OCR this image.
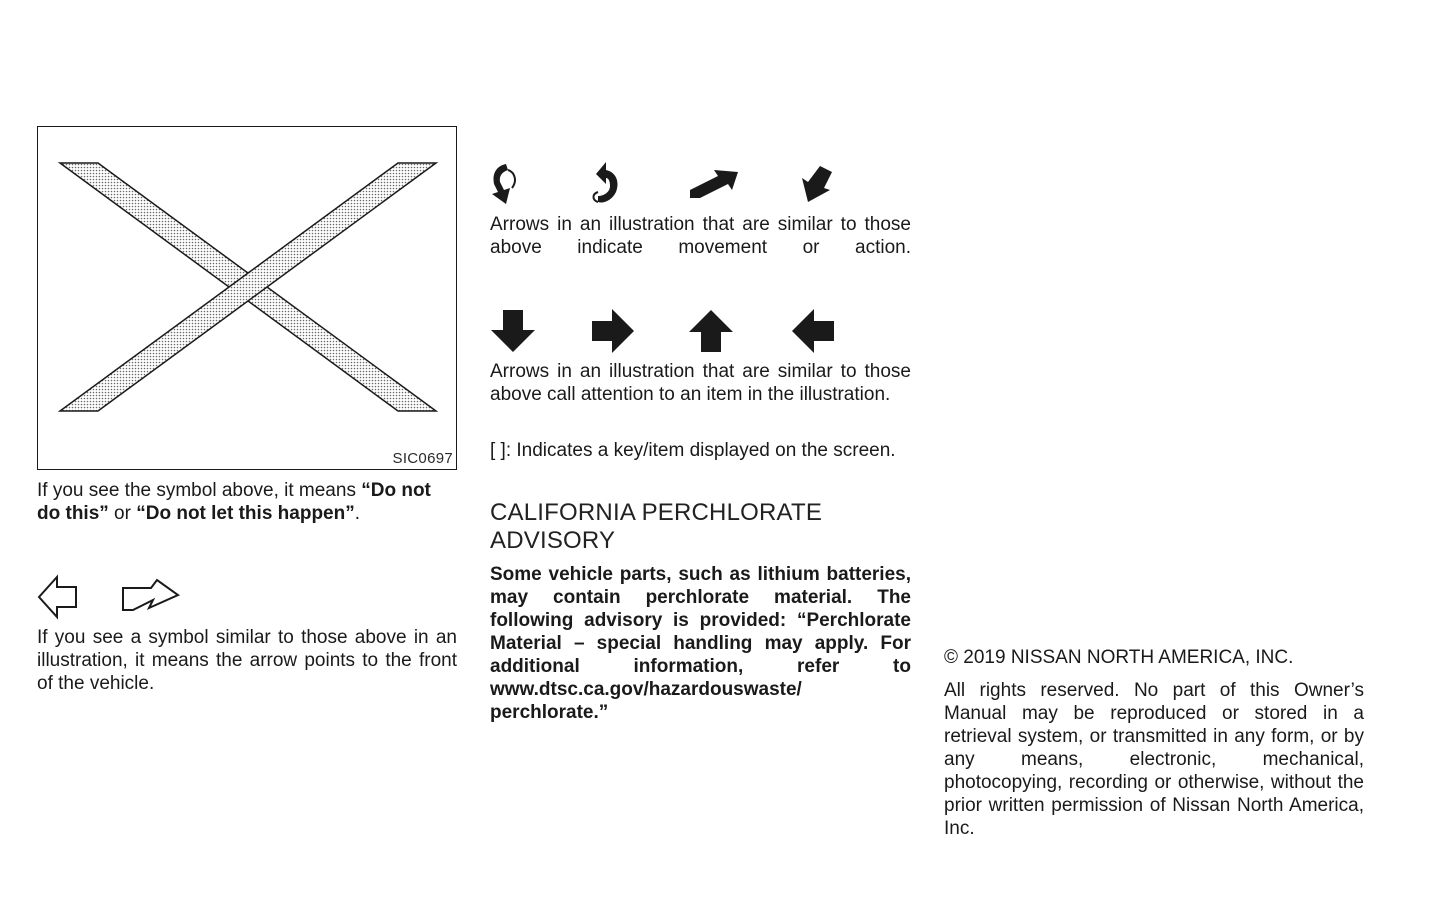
SIC0697
If you see the symbol above, it means “Do not do this” or “Do not let this happen”.
If you see a symbol similar to those above in an illustration, it means the arrow points to the front of the vehicle.
Arrows in an illustration that are similar to those above indicate movement or action.
Arrows in an illustration that are similar to those above call attention to an item in the illustration.
[ ]: Indicates a key/item displayed on the screen.
CALIFORNIA PERCHLORATE
ADVISORY
Some vehicle parts, such as lithium batteries, may contain perchlorate material. The following advisory is provided: “Perchlorate Material – special handling may apply. For additional information, refer to www.dtsc.ca.gov/hazardouswaste/ perchlorate.”
© 2019 NISSAN NORTH AMERICA, INC.
All rights reserved. No part of this Owner’s Manual may be reproduced or stored in a retrieval system, or transmitted in any form, or by any means, electronic, mechanical, photocopying, recording or otherwise, without the prior written permission of Nissan North America, Inc.
